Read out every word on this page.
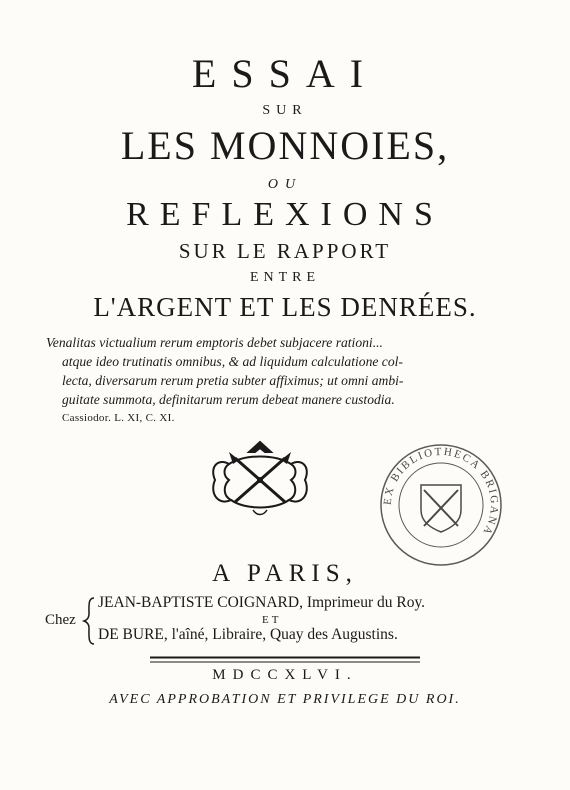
ESSAI
SUR
LES MONNOIES,
OU
REFLEXIONS
SUR LE RAPPORT
ENTRE
L'ARGENT ET LES DENRÉES.
Venalitas victualium rerum emptoris debet subjacere rationi...
atque ideo trutinatis omnibus, & ad liquidum calculatione col-
lecta, diversarum rerum pretia subter affiximus; ut omni ambi-
guitate summota, definitarum rerum debeat manere custodia.
Cassiodor. L. XI, C. XI.
EX BIBLIOTHECA BRIGANA
A PARIS,
Chez
JEAN-BAPTISTE COIGNARD, Imprimeur du Roy.
ET
DE BURE, l'aîné, Libraire, Quay des Augustins.
MDCCXLVI.
AVEC APPROBATION ET PRIVILEGE DU ROI.
